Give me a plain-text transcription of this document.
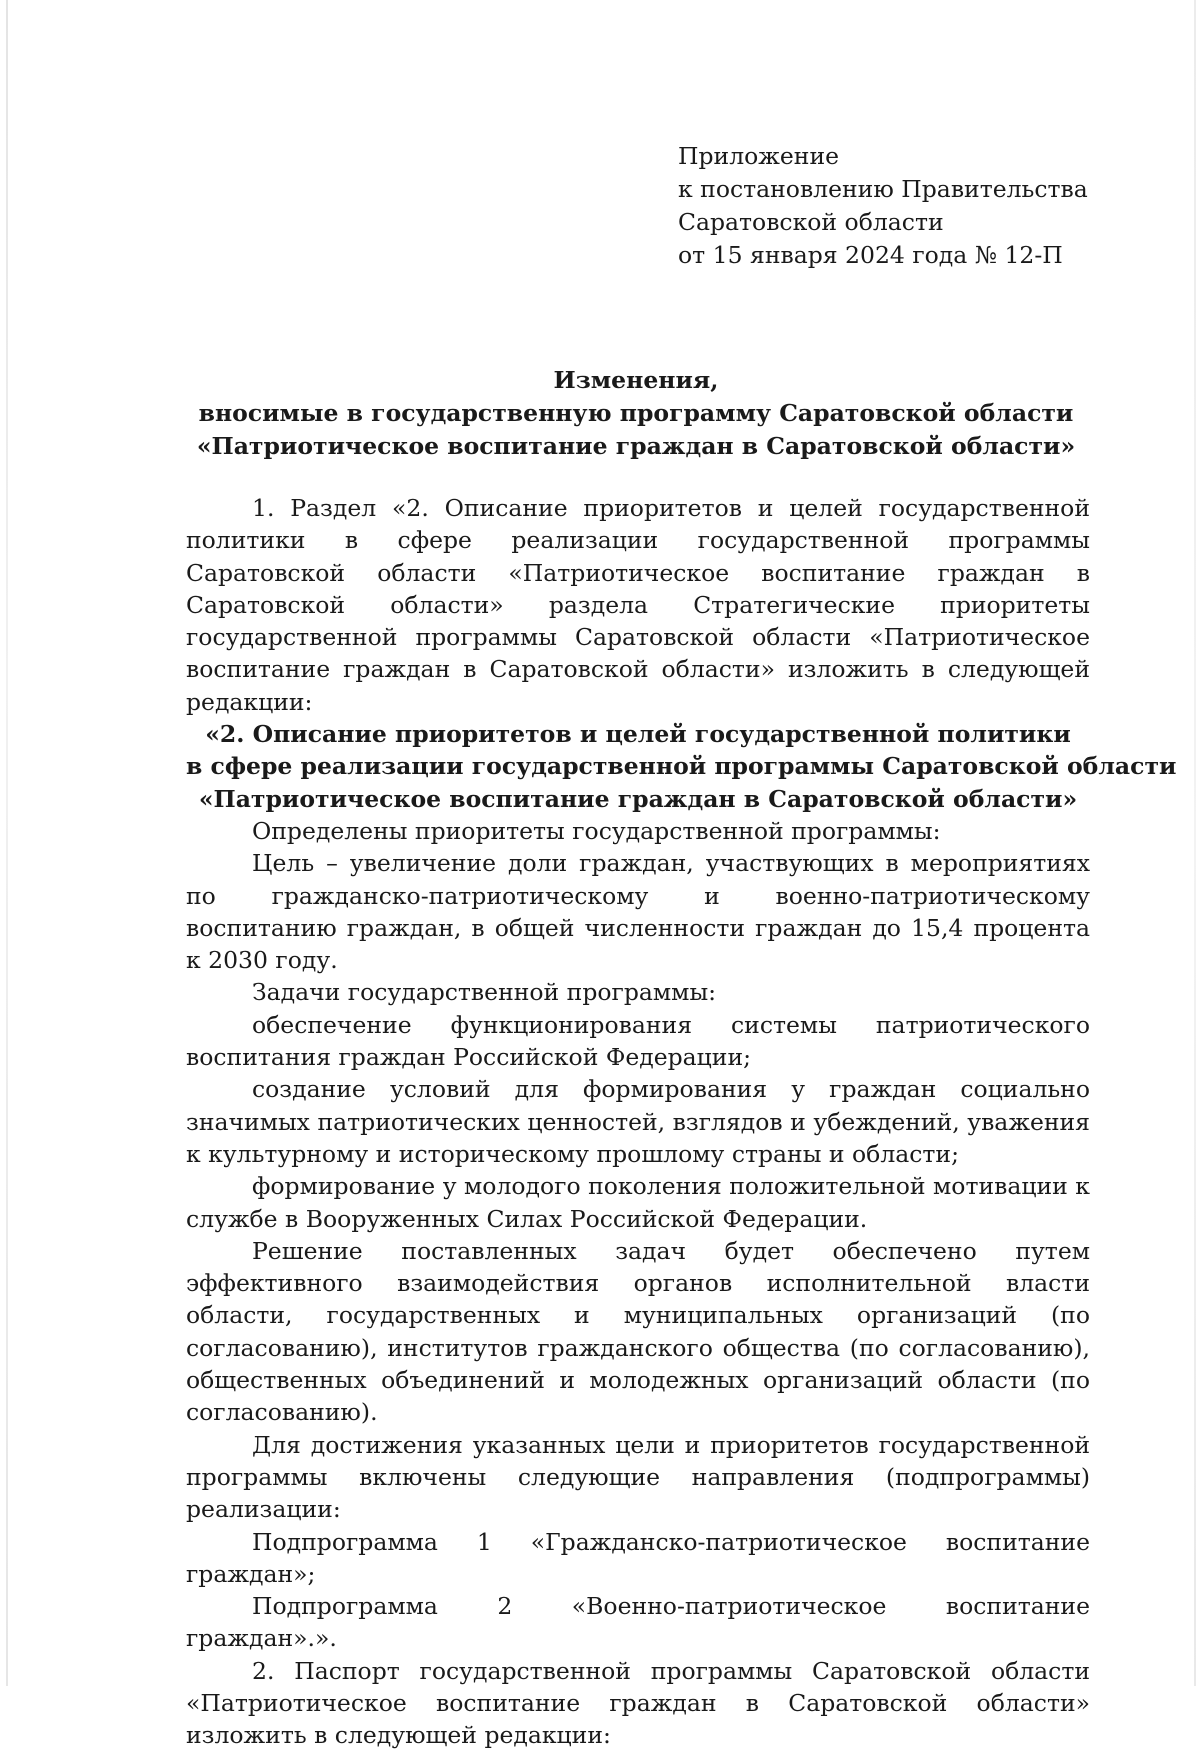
Приложение
к постановлению Правительства
Саратовской области
от 15 января 2024 года № 12-П
Изменения,
вносимые в государственную программу Саратовской области
«Патриотическое воспитание граждан в Саратовской области»

1. Раздел «2. Описание приоритетов и целей государственной политики в сфере реализации государственной программы Саратовской области «Патриотическое воспитание граждан в Саратовской области» раздела Стратегические приоритеты государственной программы Саратовской области «Патриотическое воспитание граждан в Саратовской области» изложить в следующей редакции:

«2. Описание приоритетов и целей государственной политики
в сфере реализации государственной программы Саратовской области
«Патриотическое воспитание граждан в Саратовской области»

Определены приоритеты государственной программы:

Цель – увеличение доли граждан, участвующих в мероприятиях по гражданско-патриотическому и военно-патриотическому воспитанию граждан, в общей численности граждан до 15,4 процента к 2030 году.

Задачи государственной программы:

обеспечение функционирования системы патриотического воспитания граждан Российской Федерации;

создание условий для формирования у граждан социально значимых патриотических ценностей, взглядов и убеждений, уважения к культурному и историческому прошлому страны и области;

формирование у молодого поколения положительной мотивации к службе в Вооруженных Силах Российской Федерации.

Решение поставленных задач будет обеспечено путем эффективного взаимодействия органов исполнительной власти области, государственных и муниципальных организаций (по согласованию), институтов гражданского общества (по согласованию), общественных объединений и молодежных организаций области (по согласованию).

Для достижения указанных цели и приоритетов государственной программы включены следующие направления (подпрограммы) реализации:

Подпрограмма 1 «Гражданско-патриотическое воспитание граждан»;

Подпрограмма 2 «Военно-патриотическое воспитание граждан».».

2. Паспорт государственной программы Саратовской области «Патриотическое воспитание граждан в Саратовской области» изложить в следующей редакции:
